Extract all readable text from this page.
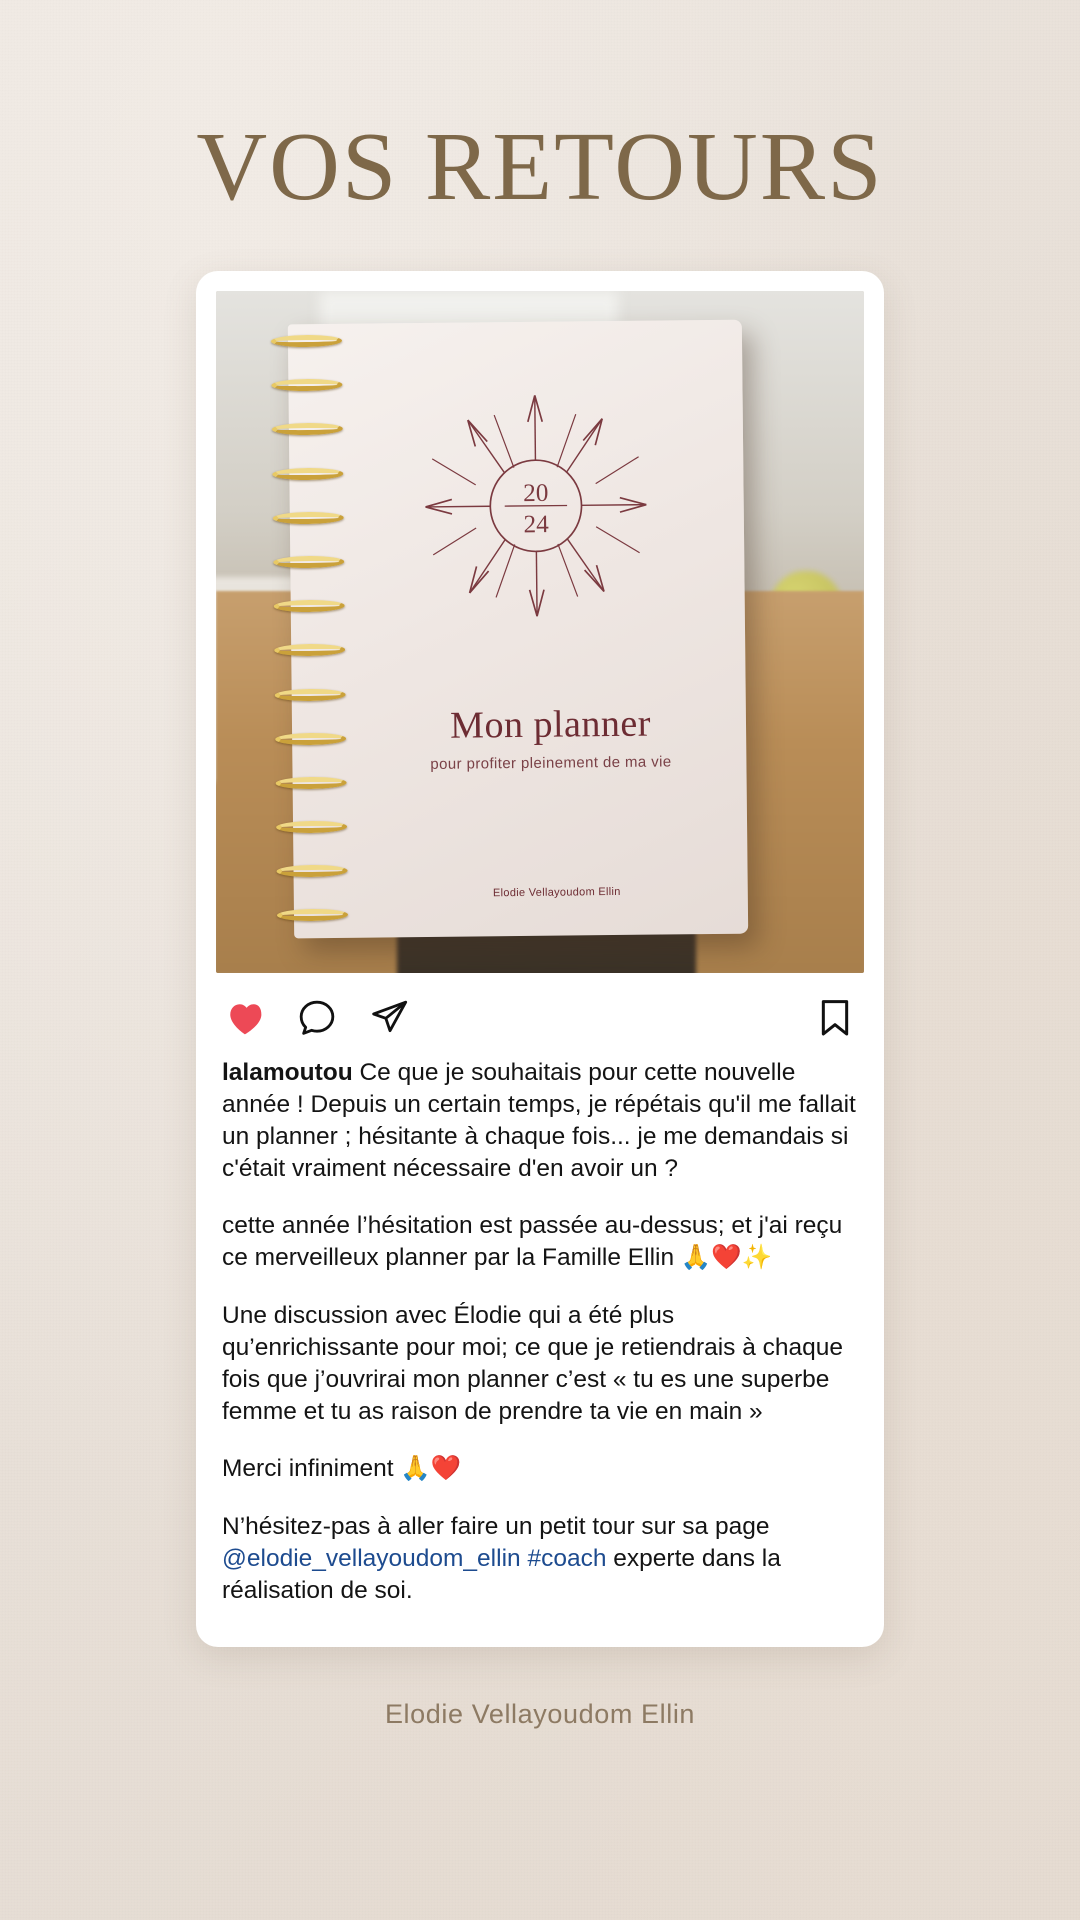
VOS RETOURS
20
24
Mon planner
pour profiter pleinement de ma vie
Elodie Vellayoudom Ellin

lalamoutou Ce que je souhaitais pour cette nouvelle année ! Depuis un certain temps, je répétais qu'il me fallait un planner ; hésitante à chaque fois... je me demandais si c'était vraiment nécessaire d'en avoir un ?

cette année l’hésitation est passée au-dessus; et j'ai reçu ce merveilleux planner par la Famille Ellin 🙏❤️✨

Une discussion avec Élodie qui a été plus qu’enrichissante pour moi; ce que je retiendrais à chaque fois que j’ouvrirai mon planner c’est « tu es une superbe femme et tu as raison de prendre ta vie en main »

Merci infiniment 🙏❤️

N’hésitez-pas à aller faire un petit tour sur sa page @elodie_vellayoudom_ellin #coach experte dans la réalisation de soi.

Elodie Vellayoudom Ellin
